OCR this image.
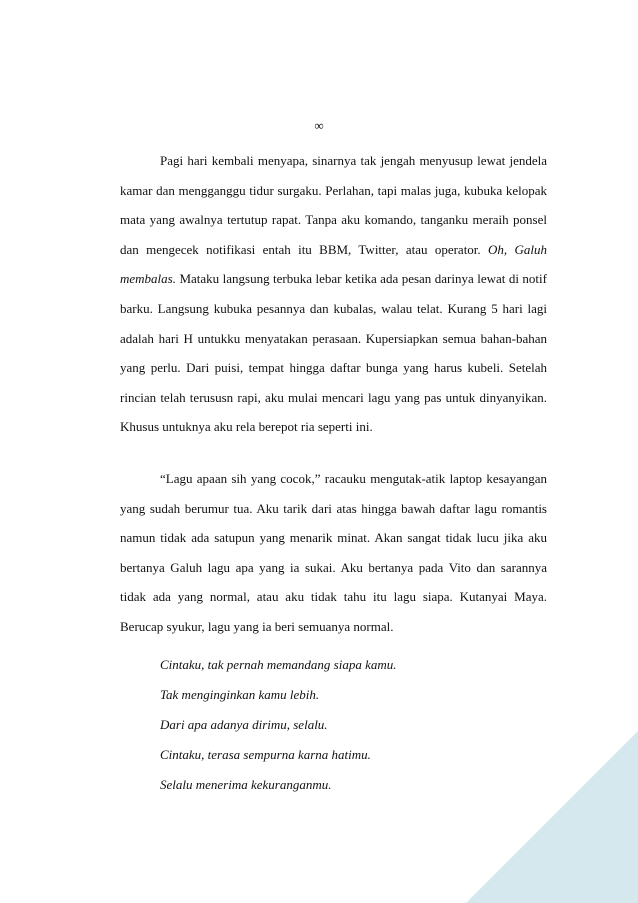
∞

Pagi hari kembali menyapa, sinarnya tak jengah menyusup lewat jendela kamar dan mengganggu tidur surgaku. Perlahan, tapi malas juga, kubuka kelopak mata yang awalnya tertutup rapat. Tanpa aku komando, tanganku meraih ponsel dan mengecek notifikasi entah itu BBM, Twitter, atau operator. Oh, Galuh membalas. Mataku langsung terbuka lebar ketika ada pesan darinya lewat di notif barku. Langsung kubuka pesannya dan kubalas, walau telat. Kurang 5 hari lagi adalah hari H untukku menyatakan perasaan. Kupersiapkan semua bahan-bahan yang perlu. Dari puisi, tempat hingga daftar bunga yang harus kubeli. Setelah rincian telah terususn rapi, aku mulai mencari lagu yang pas untuk dinyanyikan. Khusus untuknya aku rela berepot ria seperti ini.

“Lagu apaan sih yang cocok,” racauku mengutak-atik laptop kesayangan yang sudah berumur tua. Aku tarik dari atas hingga bawah daftar lagu romantis namun tidak ada satupun yang menarik minat. Akan sangat tidak lucu jika aku bertanya Galuh lagu apa yang ia sukai. Aku bertanya pada Vito dan sarannya tidak ada yang normal, atau aku tidak tahu itu lagu siapa. Kutanyai Maya. Berucap syukur, lagu yang ia beri semuanya normal.

Cintaku, tak pernah memandang siapa kamu.
Tak menginginkan kamu lebih.
Dari apa adanya dirimu, selalu.
Cintaku, terasa sempurna karna hatimu.
Selalu menerima kekuranganmu.
